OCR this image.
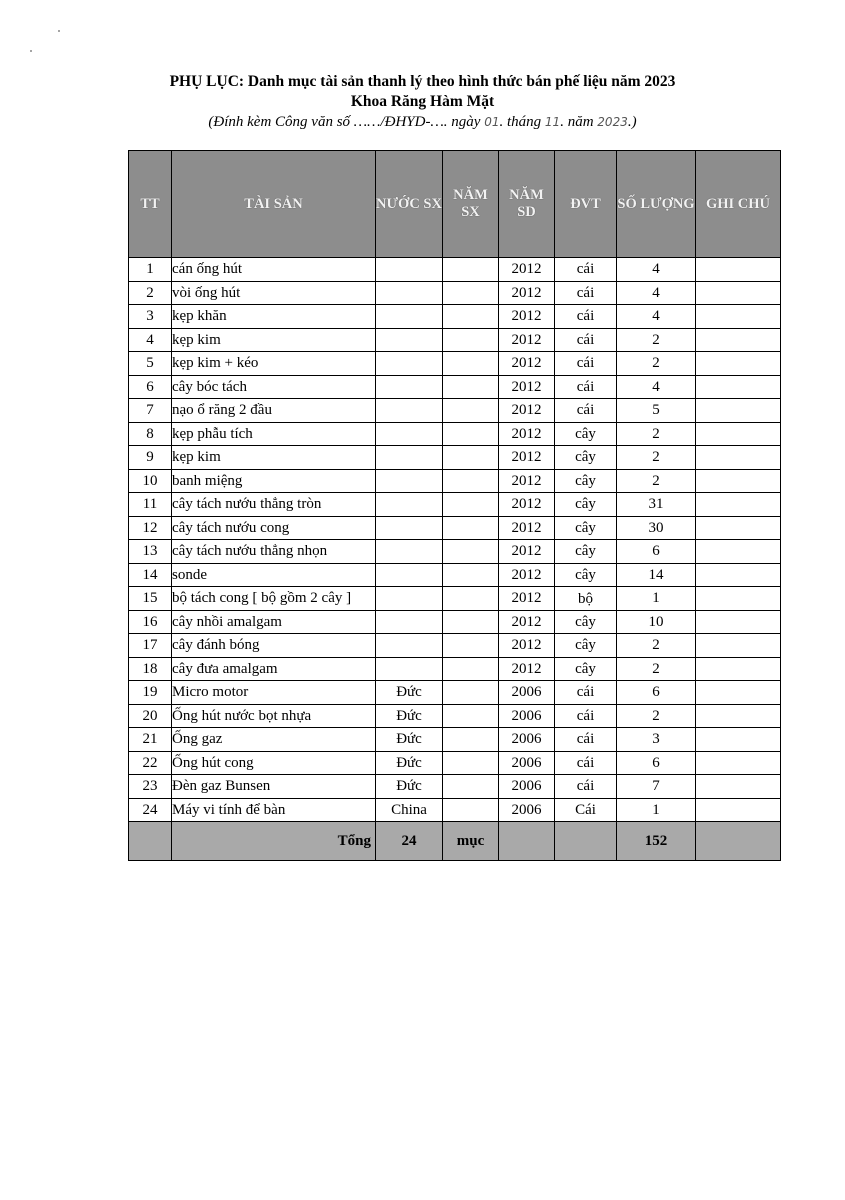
PHỤ LỤC: Danh mục tài sản thanh lý theo hình thức bán phế liệu năm 2023
Khoa Răng Hàm Mặt
(Đính kèm Công văn số ……/ĐHYD-…. ngày 01. tháng 11. năm 2023.)
TT	TÀI SẢN	NƯỚC SX	NĂM SX	NĂM SD	ĐVT	SỐ LƯỢNG	GHI CHÚ
1	cán ống hút			2012	cái	4	
2	vòi ống hút			2012	cái	4	
3	kẹp khăn			2012	cái	4	
4	kẹp kim			2012	cái	2	
5	kẹp kim + kéo			2012	cái	2	
6	cây bóc tách			2012	cái	4	
7	nạo ổ răng 2 đầu			2012	cái	5	
8	kẹp phẫu tích			2012	cây	2	
9	kẹp kim			2012	cây	2	
10	banh miệng			2012	cây	2	
11	cây tách nướu thẳng tròn			2012	cây	31	
12	cây tách nướu cong			2012	cây	30	
13	cây tách nướu thẳng nhọn			2012	cây	6	
14	sonde			2012	cây	14	
15	bộ tách cong [ bộ gồm 2 cây ]			2012	bộ	1	
16	cây nhồi amalgam			2012	cây	10	
17	cây đánh bóng			2012	cây	2	
18	cây đưa amalgam			2012	cây	2	
19	Micro motor	Đức		2006	cái	6	
20	Ống hút nước bọt nhựa	Đức		2006	cái	2	
21	Ống gaz	Đức		2006	cái	3	
22	Ống hút cong	Đức		2006	cái	6	
23	Đèn gaz Bunsen	Đức		2006	cái	7	
24	Máy vi tính để bàn	China		2006	Cái	1	
	Tổng	24	mục			152	
